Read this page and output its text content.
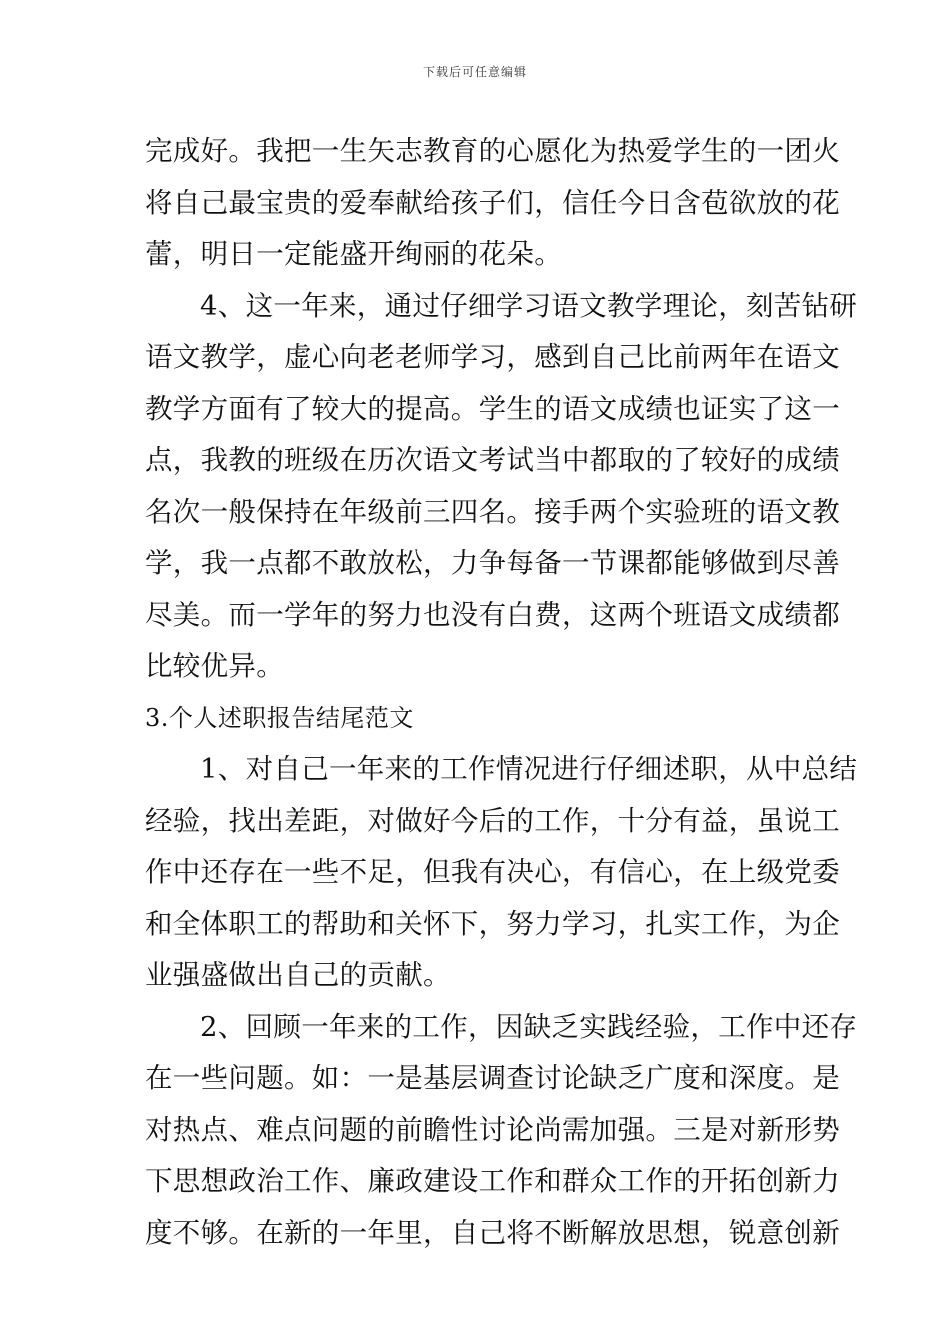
下载后可任意编辑
完成好。我把一生矢志教育的心愿化为热爱学生的一团火
将自己最宝贵的爱奉献给孩子们，信任今日含苞欲放的花
蕾，明日一定能盛开绚丽的花朵。
4、这一年来，通过仔细学习语文教学理论，刻苦钻研
语文教学，虚心向老老师学习，感到自己比前两年在语文
教学方面有了较大的提高。学生的语文成绩也证实了这一
点，我教的班级在历次语文考试当中都取的了较好的成绩
名次一般保持在年级前三四名。接手两个实验班的语文教
学，我一点都不敢放松，力争每备一节课都能够做到尽善
尽美。而一学年的努力也没有白费，这两个班语文成绩都
比较优异。
3.个人述职报告结尾范文
1、对自己一年来的工作情况进行仔细述职，从中总结
经验，找出差距，对做好今后的工作，十分有益，虽说工
作中还存在一些不足，但我有决心，有信心，在上级党委
和全体职工的帮助和关怀下，努力学习，扎实工作，为企
业强盛做出自己的贡献。
2、回顾一年来的工作，因缺乏实践经验，工作中还存
在一些问题。如：一是基层调查讨论缺乏广度和深度。是
对热点、难点问题的前瞻性讨论尚需加强。三是对新形势
下思想政治工作、廉政建设工作和群众工作的开拓创新力
度不够。在新的一年里，自己将不断解放思想，锐意创新
